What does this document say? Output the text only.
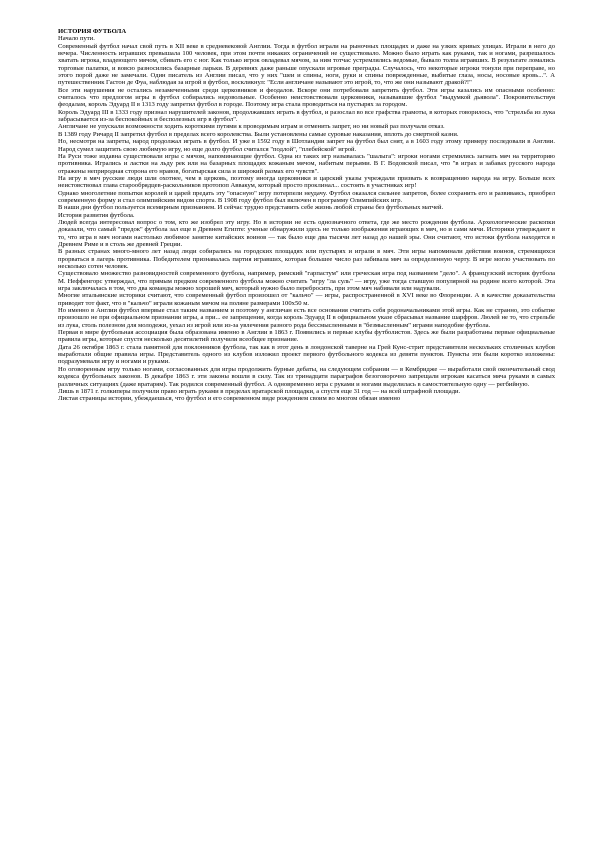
ИСТОРИЯ ФУТБОЛА
Начало пути.

Современный футбол начал свой путь в XII веке в средневековой Англии. Тогда в футбол играли на рыночных площадях и даже на узких кривых улицах. Играли в него до вечера. Численность игравших превышала 100 человек, при этом почти никаких ограничений не существовало. Можно было играть как руками, так и ногами, разрешалось хватать игрока, владеющего мячом, сбивать его с ног. Как только игрок овладевал мячом, за ним тотчас устремлялись ведомые, бывало толпа игравших. В результате ломались торговые палатки, и вовсю разносились базарные ларьки. В деревнях даже раньше опускали игровые преграды. Случалось, что некоторые игроки тонули при переправе, но этого порой даже не замечали. Один писатель из Англии писал, что у них "шеи и спины, ноги, руки и спины поврежденные, выбитые глаза, носы, носовые кровь...". А путешественник Гастон де Фуа, наблюдая за игрой в футбол, воскликнул: "Если англичане называют это игрой, то, что же они называют дракой?!"

Все эти нарушения не остались незамеченными среди церковников и феодалов. Вскоре они потребовали запретить футбол. Эти игры казались им опасными особенно: считалось что предлогом игры в футбол собирались недовольные. Особенно неистовствовали церковники, называвшие футбол "выдумкой дьявола". Покровительствуя феодалам, король Эдуард II в 1313 году запретил футбол в городе. Поэтому игра стала проводиться на пустырях за городом.

Король Эдуард III в 1333 году признал нарушителей законов, продолжавших играть в футбол, и разослал во все графства грамоты, в которых говорилось, что "стрельба из лука забрасывается из-за беспокойных и бесполезных игр в футбол".

Англичане не упускали возможности ходить короткими путями к проводимым играм и отменить запрет, но ни новый раз получали отказ.

В 1389 году Ричард II запретил футбол в пределах всего королевства. Были установлены самые суровые наказания, вплоть до смертной казни.

Но, несмотря на запреты, народ продолжал играть в футбол. И уже в 1592 году в Шотландии запрет на футбол был снят, а в 1603 году этому примеру последовали в Англии. Народ сумел защитить свою любимую игру, но еще долго футбол считался "подлой", "плебейской" игрой.

На Руси тоже издавна существовали игры с мячом, напоминающие футбол. Одна из таких игр называлась "шалыга": игроки ногами стремились загнать мяч на территорию противника. Игрались и ластки на льду рек или на базарных площадях кожаным мячом, набитым перьями. В Г. Водовской писал, что "в играх и забавах русского народа отражены неприродная сторона его нравов, богатырская сила и широкий размах его чувств".

На игру в мяч русские люди шли охотнее, чем в церковь, поэтому иногда церковники и царский указы учреждали призвать к возвращению народа на игру. Больше всех неистовствовал глава старообрядцев-раскольников протопоп Аввакум, который просто проклинал... состоять в участниках игр!

Однако многолетние попытки королей и царей предать эту "опасную" игру потерпели неудачу. Футбол оказался сильнее запретов, более сохранить его и развиваясь, приобрел современную форму и стал олимпийским видом спорта. В 1908 году футбол был включен в программу Олимпийских игр.

В наши дни футбол пользуется всемирным признанием. И сейчас трудно представить себе жизнь любой страны без футбольных матчей.

История развития футбола.

Людей всегда интересовал вопрос о том, кто же изобрел эту игру. Но в истории не есть однозначного ответа, где же место рождения футбола. Археологические раскопки доказали, что самый "предок" футбола зал еще в Древнем Египте: ученые обнаружили здесь не только изображения играющих в мяч, но и сами мячи. Историки утверждают в то, что игра в мяч ногами настолько любимое занятие китайских воинов — так было еще два тысячи лет назад до нашей эры. Они считают, что истоки футбола находятся в Древнем Риме и в столь же древней Греции.

В разных странах много-много лет назад люди собирались на городских площадях или пустырях и играли в мяч. Эти игры напоминали действия воинов, стремящихся прорваться в лагерь противника. Победителем признавалась партия игравших, которая большее число раз забивала мяч за определенную черту. В игре могло участвовать по несколько сотен человек.

Существовало множество разновидностей современного футбола, например, римский "гарпастум" или греческая игра под названием "дело". А французский историк футбола М. Неффенгорс утверждал, что прямым предком современного футбола можно считать "игру "ла суль" — игру, уже тогда ставшую популярной на родине всего которой. Эта игра заключалась в том, что два команды можно хорошей мяч, который нужно было перебросить, при этом мяч набивали или надували.

Многие итальянские историки считают, что современный футбол произошел от "кальчо" — игры, распространенной в XVI веке во Флоренции. А в качестве доказательства приводят тот факт, что в "кальчо" играли кожаным мячом на поляне размерами 100х50 м.

Но именно в Англии футбол впервые стал таким названием и поэтому у англичан есть все основания считать себя родоначальниками этой игры. Как не странно, это событие произошло не при официальном признании игры, а при... ее запрещении, когда король Эдуард II в официальном указе сбрасывал название шарфров. Люлей не то, что стрельбе из лука, столь полезном для молодежи, уехал из игрой или из-за увлечения разного рода бессмысленными в "безмысленным" играми наподобие футбола.

Первая в мире футбольная ассоциация была образована именно в Англии в 1863 г. Появились и первые клубы футболистов. Здесь же были разработаны первые официальные правила игры, которые спустя несколько десятилетий получили всеобщее признание.

Дата 26 октября 1863 г. стала памятной для поклонников футбола, так как в этот день в лондонской таверне на Грей Кунс-стрит представители нескольких столичных клубов выработали общие правила игры. Представитель одного из клубов изложил проект первого футбольного кодекса из девяти пунктов. Пункты эти были коротко изложены: подразумевали игру и ногами и руками.

Но оговоренным игру только ногами, согласованных для игры продолжить бурные дебаты, на следующем собрании — в Кембридже — выработали свой окончательный свод кодекса футбольных законов. В декабре 1863 г. эти законы вошли в силу. Так из тринадцати параграфов безоговорочно запрещали игрокам касаться мяча руками в самых различных ситуациях (даже вратарям). Так родился современный футбол. А одновременно игра с руками и ногами выделилась в самостоятельную одну — регбийную.

Лишь в 1871 г. голкиперы получили право играть руками в пределах вратарской площадки, а спустя еще 31 год — на всей штрафной площади.

Листая страницы истории, убеждаешься, что футбол и его современном виде рождением своим во многом обязан именно
